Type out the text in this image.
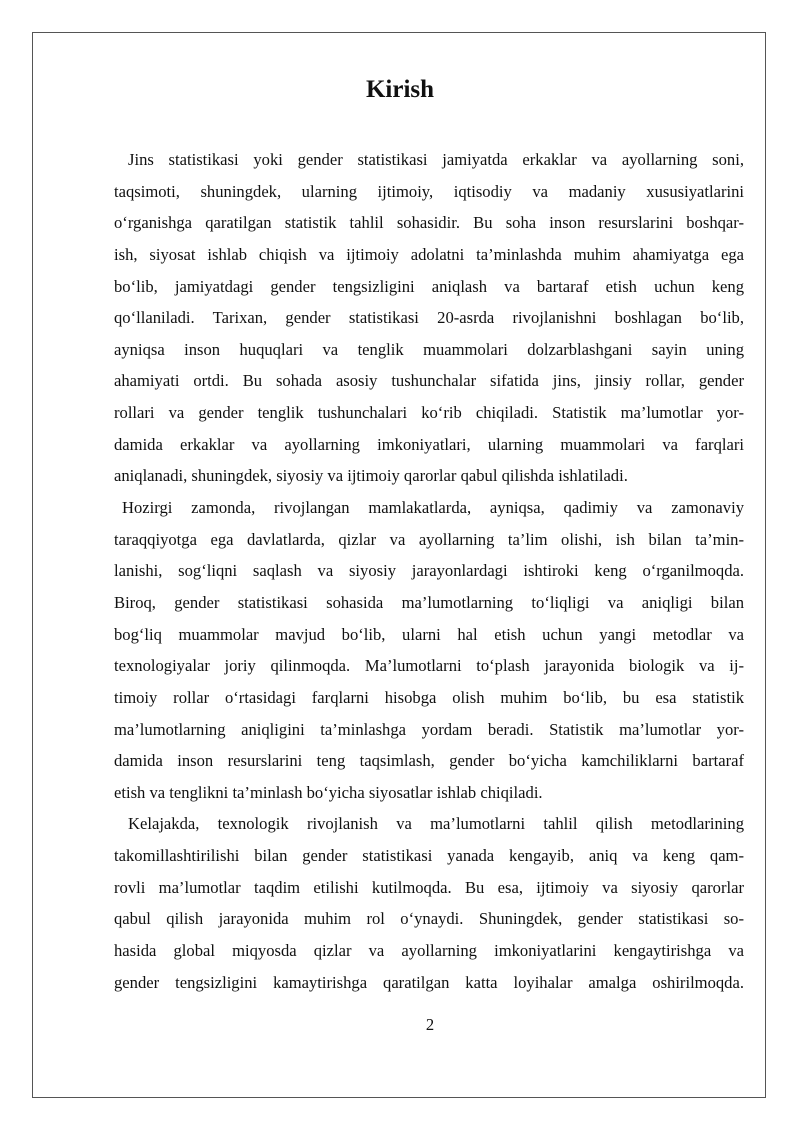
Kirish
Jins statistikasi yoki gender statistikasi jamiyatda erkaklar va ayollarning soni,
taqsimoti, shuningdek, ularning ijtimoiy, iqtisodiy va madaniy xususiyatlarini
o‘rganishga qaratilgan statistik tahlil sohasidir. Bu soha inson resurslarini boshqar-
ish, siyosat ishlab chiqish va ijtimoiy adolatni ta’minlashda muhim ahamiyatga ega
bo‘lib, jamiyatdagi gender tengsizligini aniqlash va bartaraf etish uchun keng
qo‘llaniladi. Tarixan, gender statistikasi 20-asrda rivojlanishni boshlagan bo‘lib,
ayniqsa inson huquqlari va tenglik muammolari dolzarblashgani sayin uning
ahamiyati ortdi. Bu sohada asosiy tushunchalar sifatida jins, jinsiy rollar, gender
rollari va gender tenglik tushunchalari ko‘rib chiqiladi. Statistik ma’lumotlar yor-
damida erkaklar va ayollarning imkoniyatlari, ularning muammolari va farqlari
aniqlanadi, shuningdek, siyosiy va ijtimoiy qarorlar qabul qilishda ishlatiladi.
Hozirgi zamonda, rivojlangan mamlakatlarda, ayniqsa, qadimiy va zamonaviy
taraqqiyotga ega davlatlarda, qizlar va ayollarning ta’lim olishi, ish bilan ta’min-
lanishi, sog‘liqni saqlash va siyosiy jarayonlardagi ishtiroki keng o‘rganilmoqda.
Biroq, gender statistikasi sohasida ma’lumotlarning to‘liqligi va aniqligi bilan
bog‘liq muammolar mavjud bo‘lib, ularni hal etish uchun yangi metodlar va
texnologiyalar joriy qilinmoqda. Ma’lumotlarni to‘plash jarayonida biologik va ij-
timoiy rollar o‘rtasidagi farqlarni hisobga olish muhim bo‘lib, bu esa statistik
ma’lumotlarning aniqligini ta’minlashga yordam beradi. Statistik ma’lumotlar yor-
damida inson resurslarini teng taqsimlash, gender bo‘yicha kamchiliklarni bartaraf
etish va tenglikni ta’minlash bo‘yicha siyosatlar ishlab chiqiladi.
Kelajakda, texnologik rivojlanish va ma’lumotlarni tahlil qilish metodlarining
takomillashtirilishi bilan gender statistikasi yanada kengayib, aniq va keng qam-
rovli ma’lumotlar taqdim etilishi kutilmoqda. Bu esa, ijtimoiy va siyosiy qarorlar
qabul qilish jarayonida muhim rol o‘ynaydi. Shuningdek, gender statistikasi so-
hasida global miqyosda qizlar va ayollarning imkoniyatlarini kengaytirishga va
gender tengsizligini kamaytirishga qaratilgan katta loyihalar amalga oshirilmoqda.
2
